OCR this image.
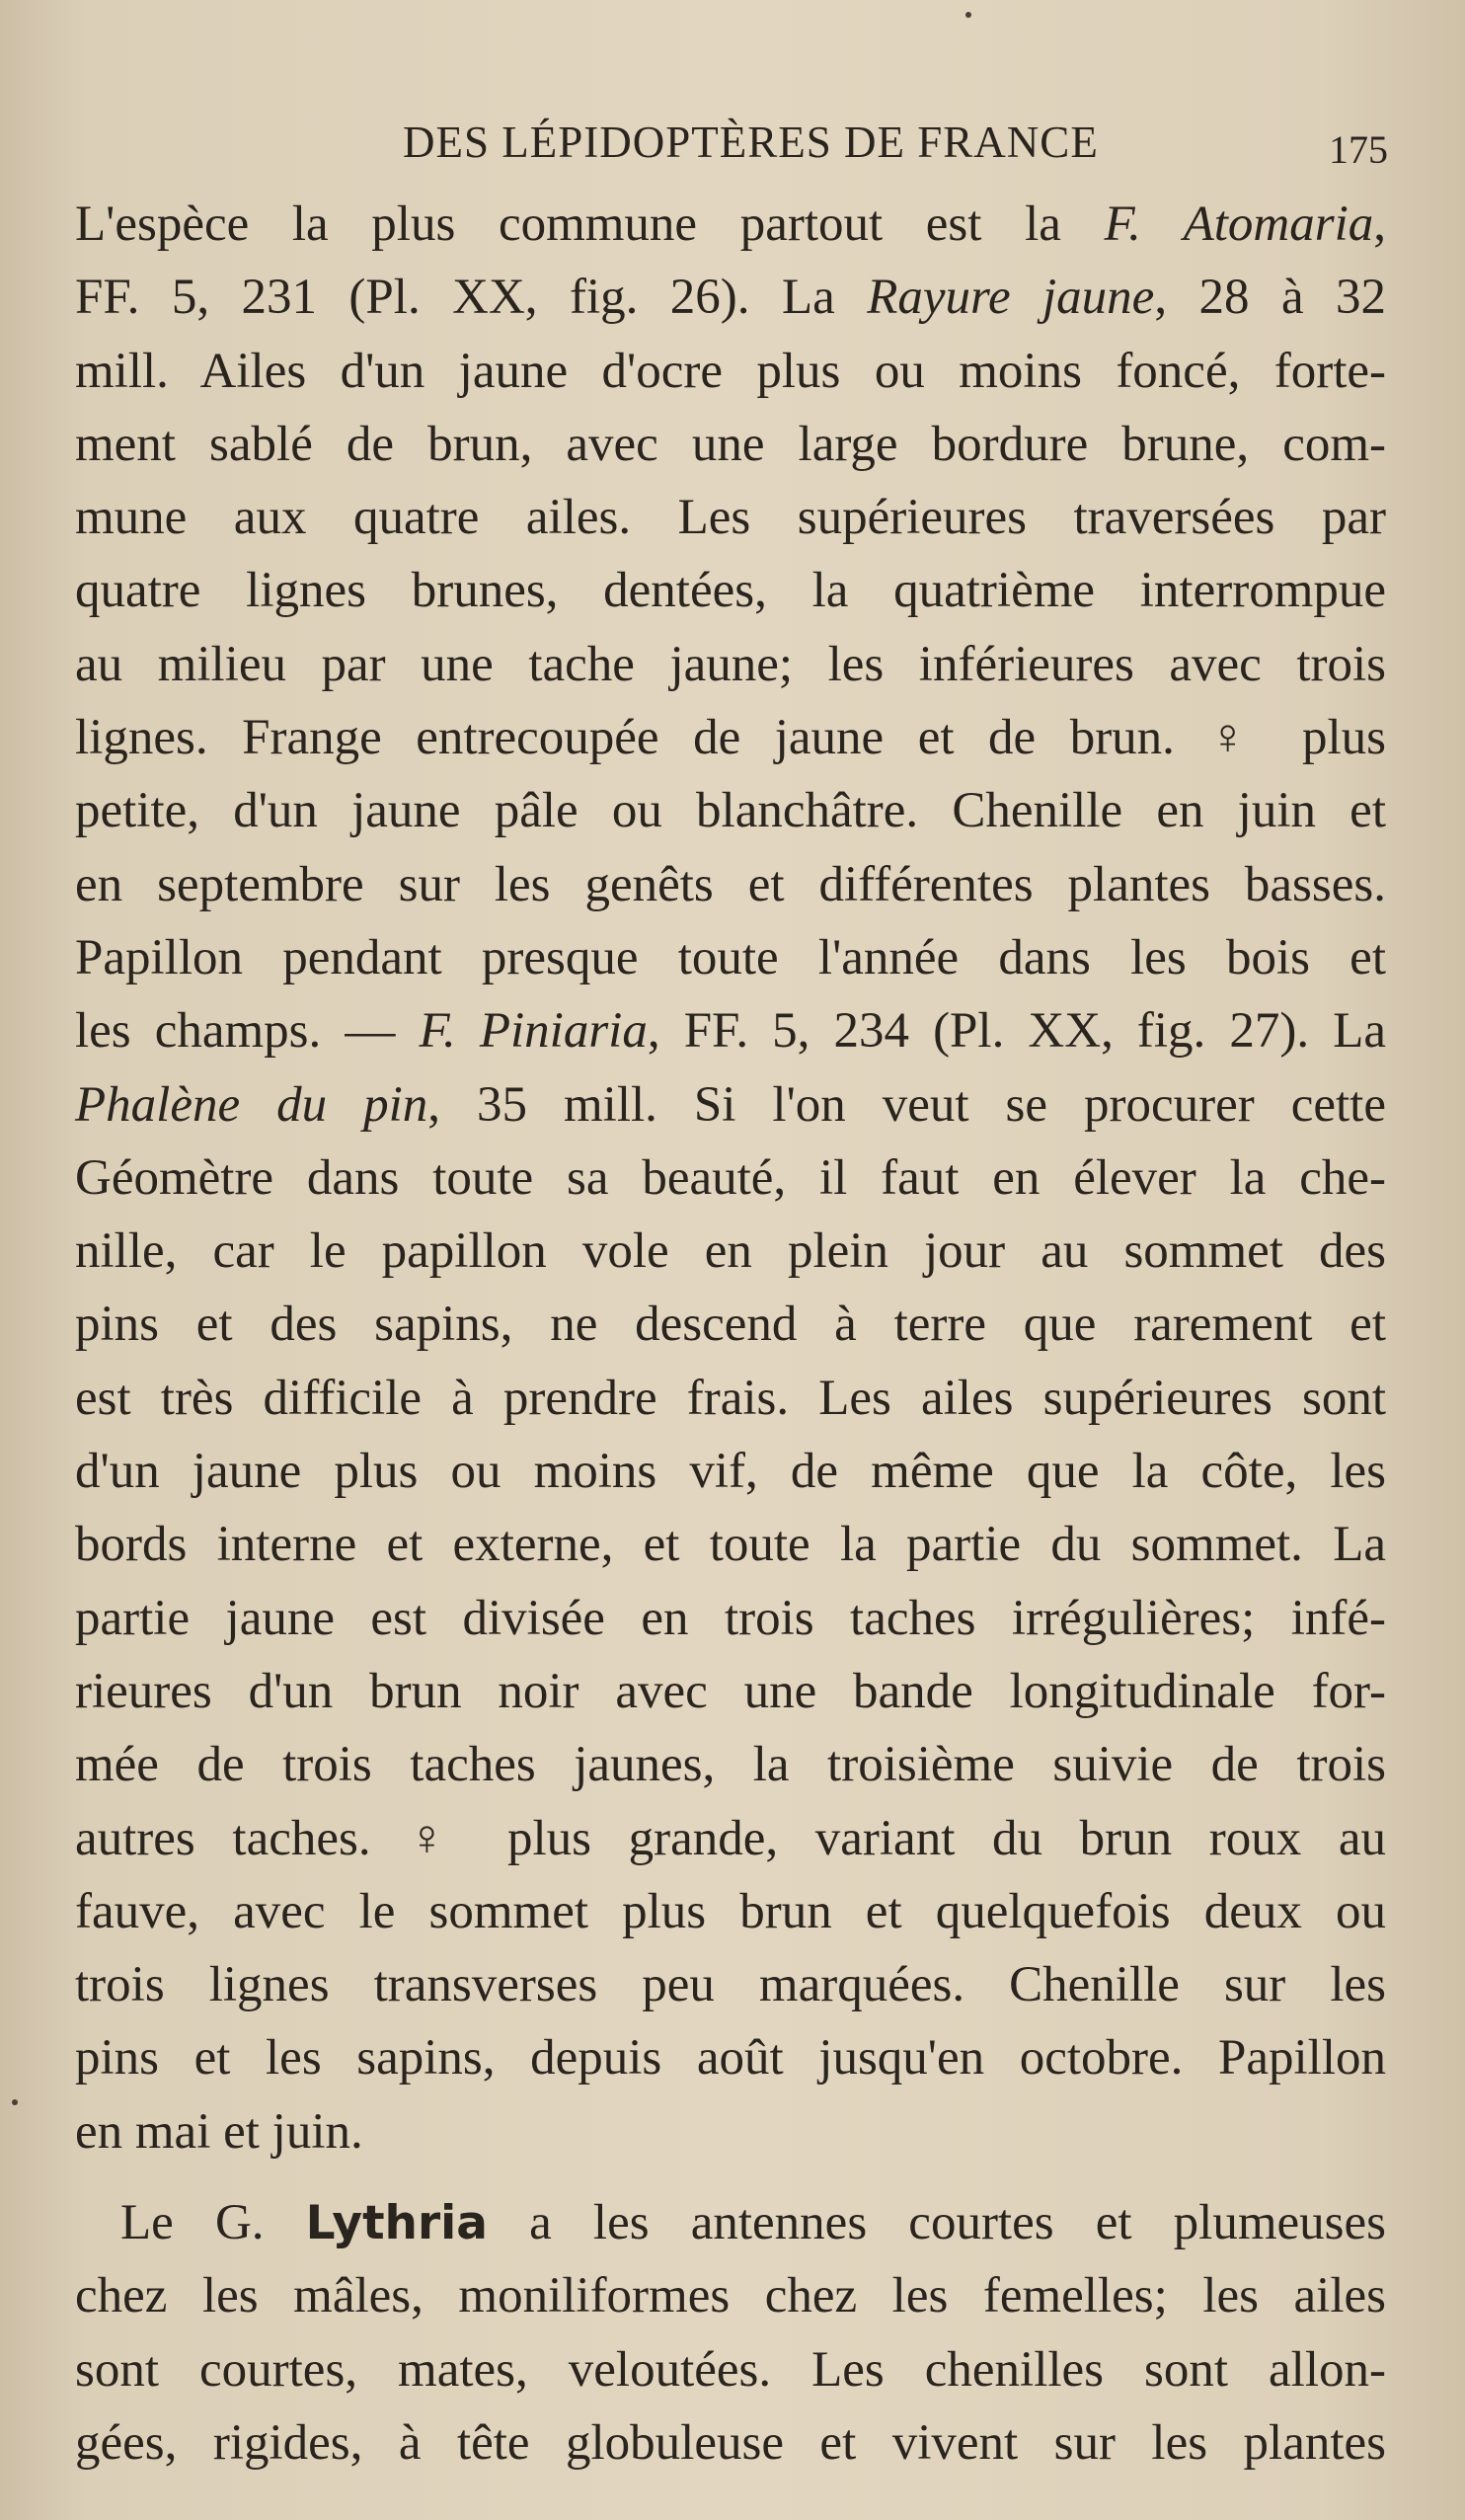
DES LÉPIDOPTÈRES DE FRANCE	175
L'espèce la plus commune partout est la F. Atomaria,
FF. 5, 231 (Pl. XX, fig. 26). La Rayure jaune, 28 à 32
mill. Ailes d'un jaune d'ocre plus ou moins foncé, forte-
ment sablé de brun, avec une large bordure brune, com-
mune aux quatre ailes. Les supérieures traversées par
quatre lignes brunes, dentées, la quatrième interrompue
au milieu par une tache jaune; les inférieures avec trois
lignes. Frange entrecoupée de jaune et de brun. ♀ plus
petite, d'un jaune pâle ou blanchâtre. Chenille en juin et
en septembre sur les genêts et différentes plantes basses.
Papillon pendant presque toute l'année dans les bois et
les champs. — F. Piniaria, FF. 5, 234 (Pl. XX, fig. 27). La
Phalène du pin, 35 mill. Si l'on veut se procurer cette
Géomètre dans toute sa beauté, il faut en élever la che-
nille, car le papillon vole en plein jour au sommet des
pins et des sapins, ne descend à terre que rarement et
est très difficile à prendre frais. Les ailes supérieures sont
d'un jaune plus ou moins vif, de même que la côte, les
bords interne et externe, et toute la partie du sommet. La
partie jaune est divisée en trois taches irrégulières; infé-
rieures d'un brun noir avec une bande longitudinale for-
mée de trois taches jaunes, la troisième suivie de trois
autres taches. ♀ plus grande, variant du brun roux au
fauve, avec le sommet plus brun et quelquefois deux ou
trois lignes transverses peu marquées. Chenille sur les
pins et les sapins, depuis août jusqu'en octobre. Papillon
en mai et juin.
Le G. Lythria a les antennes courtes et plumeuses
chez les mâles, moniliformes chez les femelles; les ailes
sont courtes, mates, veloutées. Les chenilles sont allon-
gées, rigides, à tête globuleuse et vivent sur les plantes
